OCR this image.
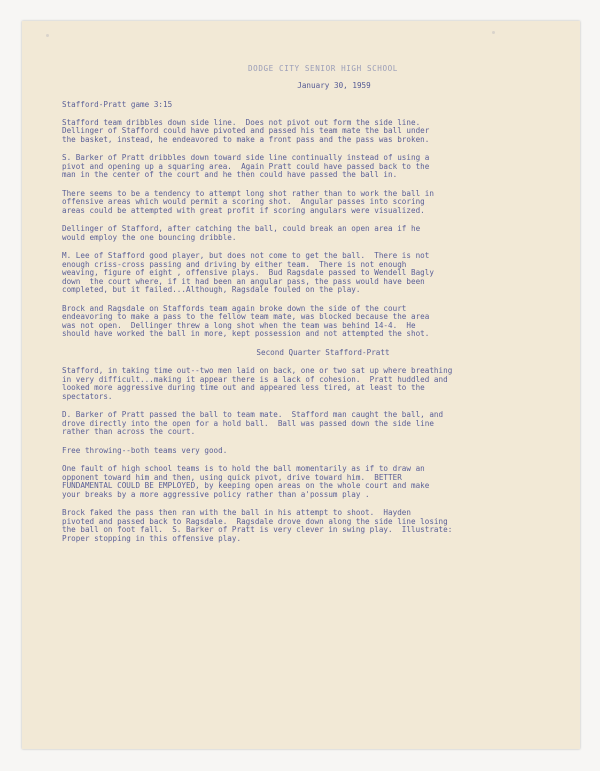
DODGE CITY SENIOR HIGH SCHOOL
January 30, 1959
Stafford-Pratt game 3:15

Stafford team dribbles down side line.  Does not pivot out form the side line.
Dellinger of Stafford could have pivoted and passed his team mate the ball under
the basket, instead, he endeavored to make a front pass and the pass was broken.

S. Barker of Pratt dribbles down toward side line continually instead of using a
pivot and opening up a squaring area.  Again Pratt could have passed back to the
man in the center of the court and he then could have passed the ball in.

There seems to be a tendency to attempt long shot rather than to work the ball in
offensive areas which would permit a scoring shot.  Angular passes into scoring
areas could be attempted with great profit if scoring angulars were visualized.

Dellinger of Stafford, after catching the ball, could break an open area if he
would employ the one bouncing dribble.

M. Lee of Stafford good player, but does not come to get the ball.  There is not
enough criss-cross passing and driving by either team.  There is not enough
weaving, figure of eight , offensive plays.  Bud Ragsdale passed to Wendell Bagly
down  the court where, if it had been an angular pass, the pass would have been
completed, but it failed...Although, Ragsdale fouled on the play.

Brock and Ragsdale on Staffords team again broke down the side of the court
endeavoring to make a pass to the fellow team mate, was blocked because the area
was not open.  Dellinger threw a long shot when the team was behind 14-4.  He
should have worked the ball in more, kept possession and not attempted the shot.

Second Quarter Stafford-Pratt

Stafford, in taking time out--two men laid on back, one or two sat up where breathing
in very difficult...making it appear there is a lack of cohesion.  Pratt huddled and
looked more aggressive during time out and appeared less tired, at least to the
spectators.

D. Barker of Pratt passed the ball to team mate.  Stafford man caught the ball, and
drove directly into the open for a hold ball.  Ball was passed down the side line
rather than across the court.

Free throwing--both teams very good.

One fault of high school teams is to hold the ball momentarily as if to draw an
opponent toward him and then, using quick pivot, drive toward him.  BETTER
FUNDAMENTAL COULD BE EMPLOYED, by keeping open areas on the whole court and make
your breaks by a more aggressive policy rather than a'possum play .

Brock faked the pass then ran with the ball in his attempt to shoot.  Hayden
pivoted and passed back to Ragsdale.  Ragsdale drove down along the side line losing
the ball on foot fall.  S. Barker of Pratt is very clever in swing play.  Illustrate:
Proper stopping in this offensive play.
